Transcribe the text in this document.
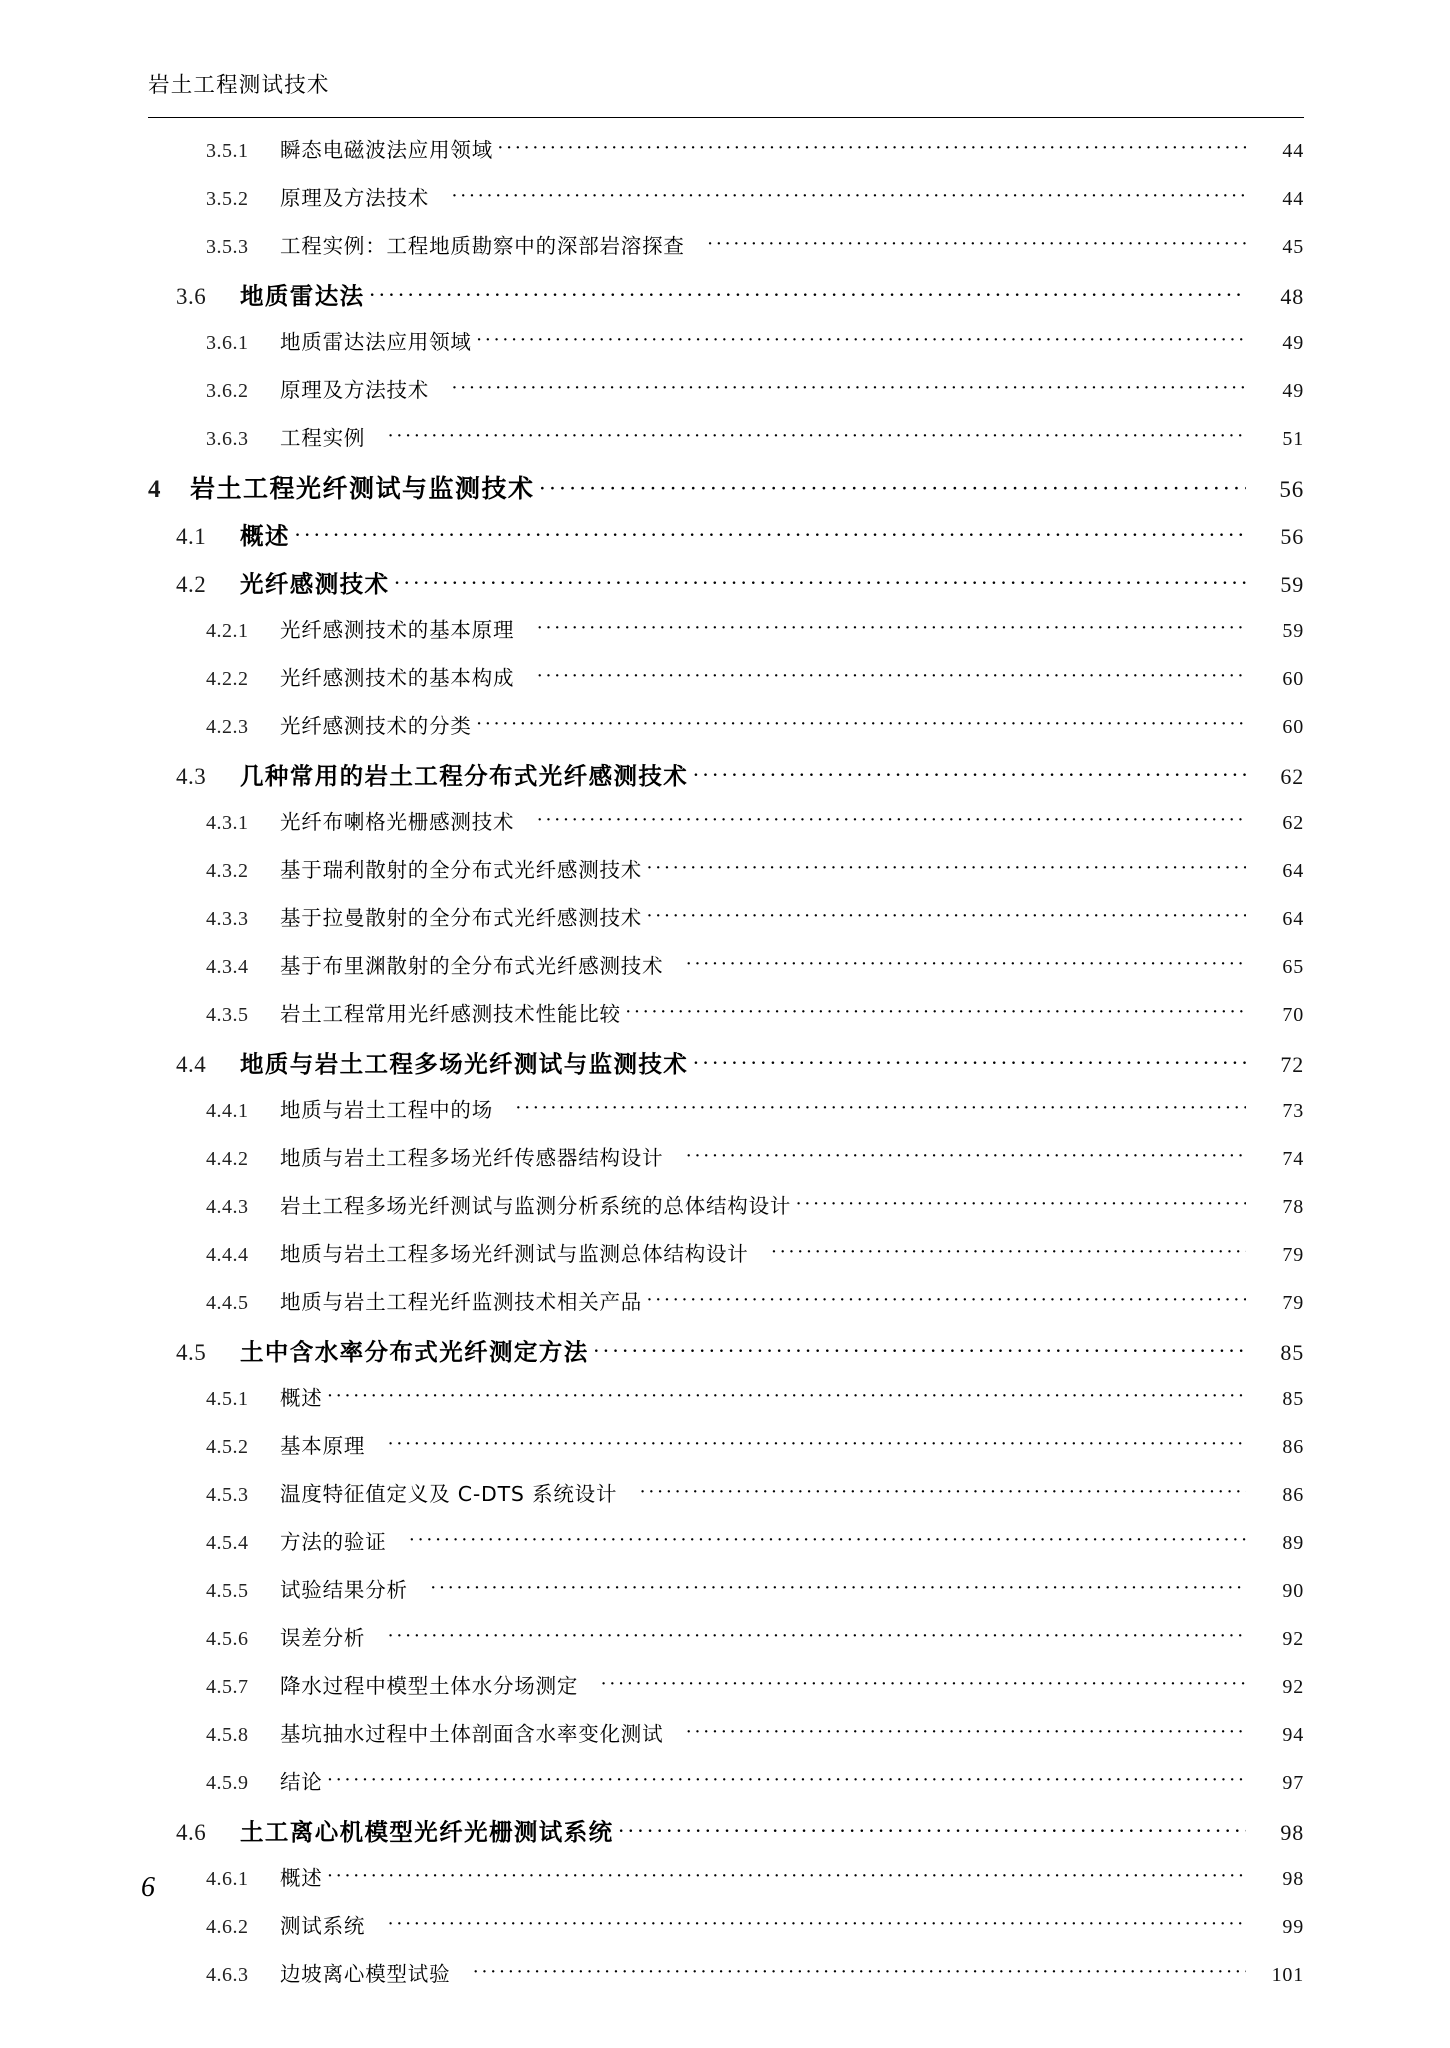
岩土工程测试技术
3.5.1	瞬态电磁波法应用领域 ·····	44
3.5.2	原理及方法技术 ·····	44
3.5.3	工程实例：工程地质勘察中的深部岩溶探查 ·····	45
3.6	地质雷达法 ·····	48
3.6.1	地质雷达法应用领域 ·····	49
3.6.2	原理及方法技术 ·····	49
3.6.3	工程实例 ·····	51
4	岩土工程光纤测试与监测技术 ·····	56
4.1	概述 ·····	56
4.2	光纤感测技术 ·····	59
4.2.1	光纤感测技术的基本原理 ·····	59
4.2.2	光纤感测技术的基本构成 ·····	60
4.2.3	光纤感测技术的分类 ·····	60
4.3	几种常用的岩土工程分布式光纤感测技术 ·····	62
4.3.1	光纤布喇格光栅感测技术 ·····	62
4.3.2	基于瑞利散射的全分布式光纤感测技术 ·····	64
4.3.3	基于拉曼散射的全分布式光纤感测技术 ·····	64
4.3.4	基于布里渊散射的全分布式光纤感测技术 ·····	65
4.3.5	岩土工程常用光纤感测技术性能比较 ·····	70
4.4	地质与岩土工程多场光纤测试与监测技术 ·····	72
4.4.1	地质与岩土工程中的场 ·····	73
4.4.2	地质与岩土工程多场光纤传感器结构设计 ·····	74
4.4.3	岩土工程多场光纤测试与监测分析系统的总体结构设计 ·····	78
4.4.4	地质与岩土工程多场光纤测试与监测总体结构设计 ·····	79
4.4.5	地质与岩土工程光纤监测技术相关产品 ·····	79
4.5	土中含水率分布式光纤测定方法 ·····	85
4.5.1	概述 ·····	85
4.5.2	基本原理 ·····	86
4.5.3	温度特征值定义及 C-DTS 系统设计 ·····	86
4.5.4	方法的验证 ·····	89
4.5.5	试验结果分析 ·····	90
4.5.6	误差分析 ·····	92
4.5.7	降水过程中模型土体水分场测定 ·····	92
4.5.8	基坑抽水过程中土体剖面含水率变化测试 ·····	94
4.5.9	结论 ·····	97
4.6	土工离心机模型光纤光栅测试系统 ·····	98
4.6.1	概述 ·····	98
4.6.2	测试系统 ·····	99
4.6.3	边坡离心模型试验 ·····	101
6
